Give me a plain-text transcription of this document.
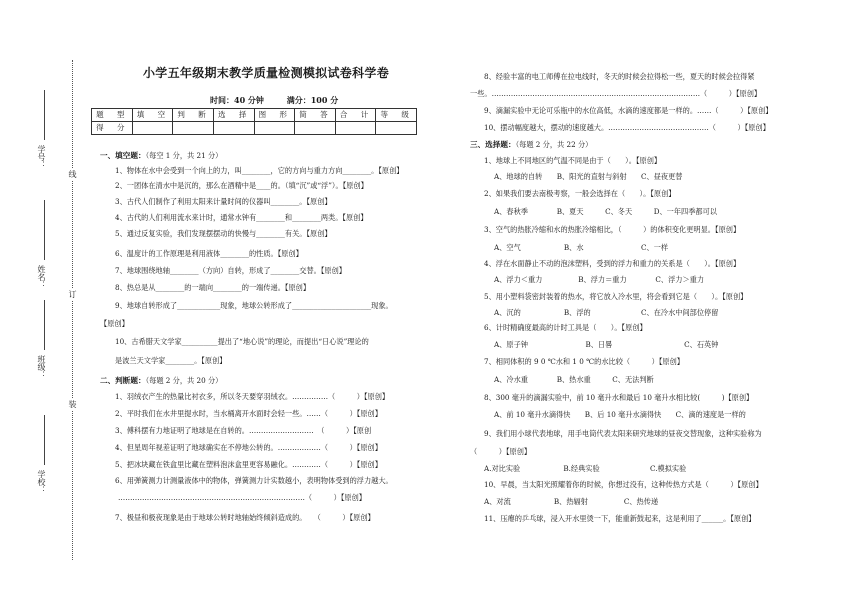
线
订
装
学号：
姓名：
班级：
学校：
小学五年级期末教学质量检测模拟试卷科学卷
时间：40 分钟	满分：100 分
题　型	填　空	判　断	选　择	图　形	简　答	合　计	等　级
得　分							
一、填空题：（每空 1 分，共 21 分）
1、物体在水中会受到一个向上的力，叫________，它的方向与重力方向________。【原创】
2、一团体在清水中是沉的，那么在酒精中是____的。（填“沉”或“浮”）。【原创】
3、古代人们制作了利用太阳来计量时间的仪器叫________。【原创】
4、古代的人们利用流水来计时，通常水钟有________和________两类。【原创】
5、通过反复实验，我们发现摆摆动的快慢与________有关。【原创】
6、温度计的工作原理是利用液体________的性质。【原创】
7、地球围绕地轴________（方向）自转，形成了________交替。【原创】
8、热总是从________的一端向________的一端传递。【原创】
9、地球自转形成了____________现象，地球公转形成了______________________现象。
【原创】
10、古希腊天文学家__________提出了“地心说”的理论，而提出“日心说”理论的
是波兰天文学家________。【原创】
二、判断题：（每题 2 分，共 20 分）
1、羽绒衣产生的热量比衬衣多，所以冬天要穿羽绒衣。……………（　　　）【原创】
2、平时我们在水井里提水时，当水桶离开水面时会轻一些。……（　　　）【原创】
3、傅科摆有力地证明了地球是在自转的。………………………　（　　　）【原创
4、但星周年视差证明了地球确实在不停地公转的。………………（　　　）【原创】
5、把冰块藏在铁盒里比藏在塑料泡沫盒里更容易融化。…………（　　　）【原创】
6、用弹簧测力计测量液体中的物体，弹簧测力计实数越小，表明物体受到的浮力越大。
……………………………………………………………………（　　　）【原创】
7、极昼和极夜现象是由于地球公转时地轴始终倾斜造成的。　　（　　　）【原创】
8、经验丰富的电工师傅在拉电线时，冬天的时候会拉得松一些，夏天的时候会拉得紧
一些。……………………………………………………………………………（　　　）【原创】
9、滴漏实验中无论可乐瓶中的水位高低，水滴的速度都是一样的。……（　　　）【原创】
10、摆动幅度越大，摆动的速度越大。……………………………………（　　　）【原创】
三、选择题：（每题 2 分，共 22 分）
1、地球上不同地区的气温不同是由于（　　）。【原创】
A、地球的自转　　B、阳光的直射与斜射　　C、昼夜更替
2、如果我们要去南极考察，一般会选择在（　　）。【原创】
A、春秋季　　　　B、夏天　　　C、冬天　　　D、一年四季都可以
3、空气的热胀冷缩和水的热胀冷缩相比，（　　　）的体积变化更明显。【原创】
A、空气　　　　　　B、水　　　　　　　　C、一样
4、浮在水面静止不动的泡沫塑料，受到的浮力和重力的关系是（　　）。【原创】
A、浮力＜重力　　　　　B、浮力＝重力　　　　C、浮力＞重力
5、用小塑料袋密封装着的热水，将它放入冷水里，将会看到它是（　　）。【原创】
A、沉的　　　　　　B、浮的　　　　　　　C、在冷水中间部位停留
6、计时精确度最高的计时工具是（　　）。【原创】
A、原子钟　　　　　　　　B、日晷　　　　　　　　　　C、石英钟
7、相同体积的 9 0 ℃水和 1 0 ℃的水比较（　　　）【原创】
A、冷水重　　　　B、热水重　　　C、无法判断
8、300 毫升的滴漏实验中，前 10 毫升水和最后 10 毫升水相比较(　　　)【原创】
A、前 10 毫升水滴得快　　B、后 10 毫升水滴得快　　C、滴的速度是一样的
9、我们用小球代表地球，用手电筒代表太阳来研究地球的昼夜交替现象，这种实验称为
（　　　）【原创】
A.对比实验　　　　　　B.经典实验　　　　　　　C.模拟实验
10、早晨，当太阳光照耀着你的时候，你想过没有，这种传热方式是（　　　）【原创】
A、对流　　　　　　B、热辐射　　　　　C、热传递
11、压瘪的乒乓球，浸入开水里烫一下，能重新鼓起来，这是利用了______。【原创】
